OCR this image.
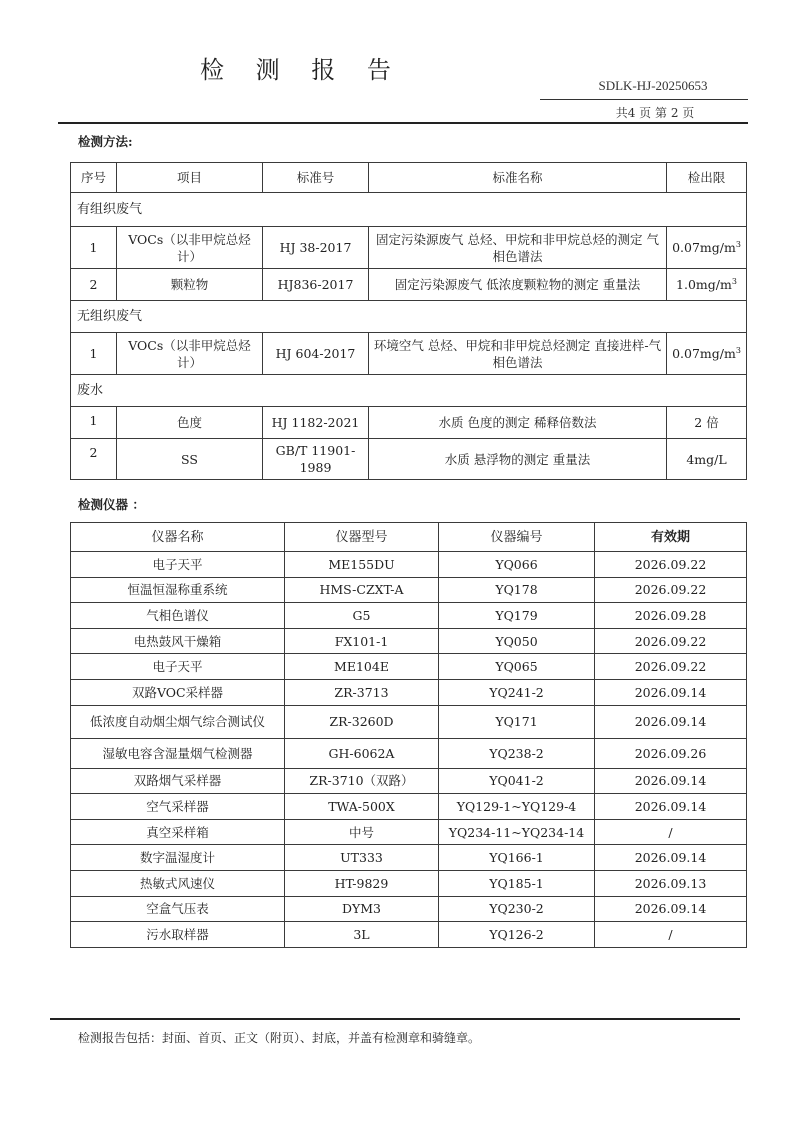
检 测 报 告
SDLK-HJ-20250653
共4 页 第 2 页
检测方法:
序号	项目	标准号	标准名称	检出限
有组织废气				
1	VOCs（以非甲烷总烃计）	HJ 38-2017	固定污染源废气 总烃、甲烷和非甲烷总烃的测定 气相色谱法	$0.07mg/m^3$
2	颗粒物	HJ836-2017	固定污染源废气 低浓度颗粒物的测定 重量法	$1.0mg/m^3$
无组织废气				
1	VOCs（以非甲烷总烃计）	HJ 604-2017	环境空气 总烃、甲烷和非甲烷总烃测定 直接进样-气相色谱法	$0.07mg/m^3$
废水				
1	色度	HJ 1182-2021	水质 色度的测定 稀释倍数法	2 倍
2	SS	GB/T 11901-1989	水质 悬浮物的测定 重量法	4mg/L
检测仪器 ：
仪器名称	仪器型号	仪器编号	有效期
电子天平	ME155DU	YQ066	2026.09.22
恒温恒湿称重系统	HMS-CZXT-A	YQ178	2026.09.22
气相色谱仪	G5	YQ179	2026.09.28
电热鼓风干燥箱	FX101-1	YQ050	2026.09.22
电子天平	ME104E	YQ065	2026.09.22
双路VOC采样器	ZR-3713	YQ241-2	2026.09.14
低浓度自动烟尘烟气综合测试仪	ZR-3260D	YQ171	2026.09.14
湿敏电容含湿量烟气检测器	GH-6062A	YQ238-2	2026.09.26
双路烟气采样器	ZR-3710（双路）	YQ041-2	2026.09.14
空气采样器	TWA-500X	YQ129-1~YQ129-4	2026.09.14
真空采样箱	中号	YQ234-11~YQ234-14	/
数字温湿度计	UT333	YQ166-1	2026.09.14
热敏式风速仪	HT-9829	YQ185-1	2026.09.13
空盒气压表	DYM3	YQ230-2	2026.09.14
污水取样器	3L	YQ126-2	/
检测报告包括：封面、首页、正文（附页）、封底，并盖有检测章和骑缝章。
